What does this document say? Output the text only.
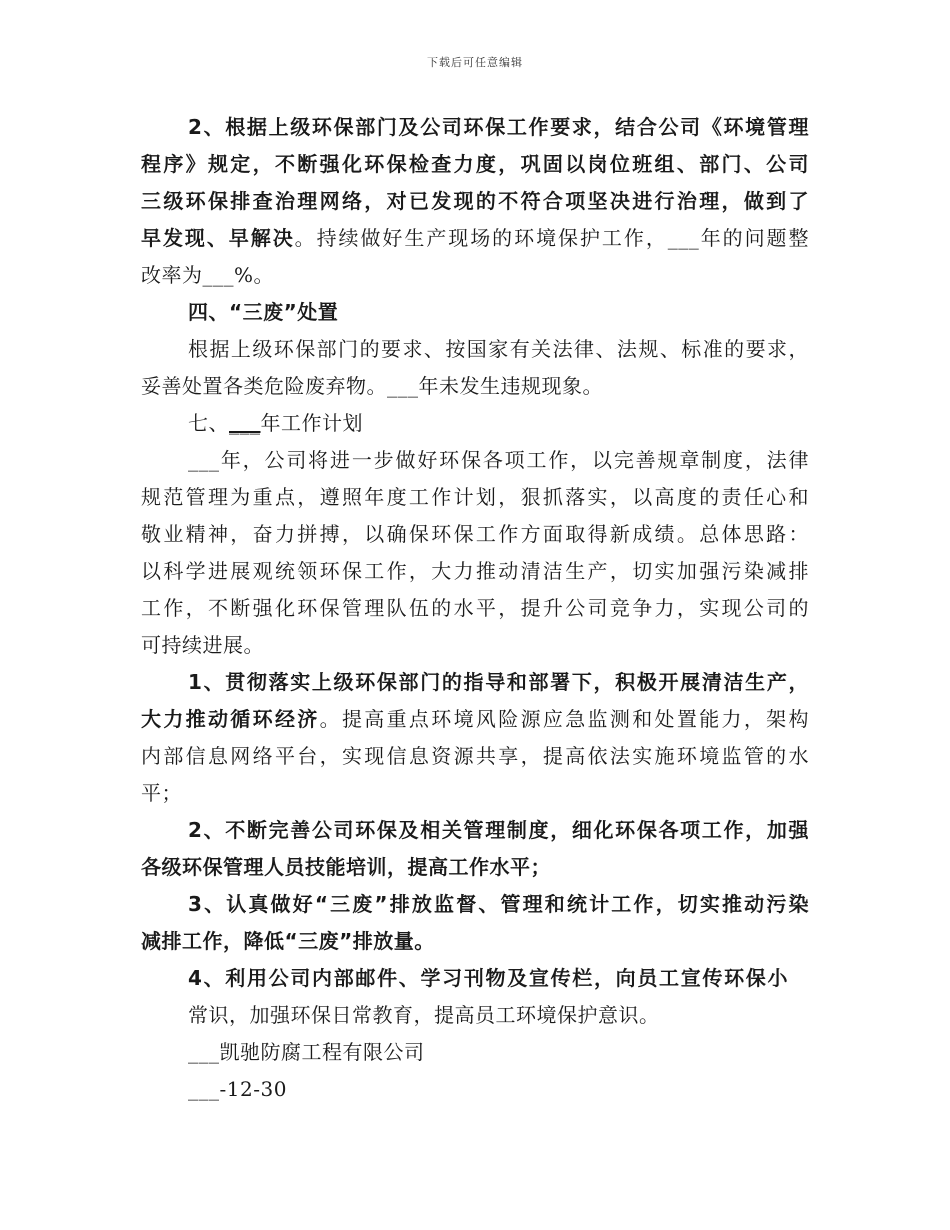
下载后可任意编辑
2、根据上级环保部门及公司环保工作要求，结合公司《环境管理
程序》规定，不断强化环保检查力度，巩固以岗位班组、部门、公司
三级环保排查治理网络，对已发现的不符合项坚决进行治理，做到了
早发现、早解决。持续做好生产现场的环境保护工作，___年的问题整
改率为___%。
四、“三废”处置
根据上级环保部门的要求、按国家有关法律、法规、标准的要求，
妥善处置各类危险废弃物。___年未发生违规现象。
七、___年工作计划
___年，公司将进一步做好环保各项工作，以完善规章制度，法律
规范管理为重点，遵照年度工作计划，狠抓落实，以高度的责任心和
敬业精神，奋力拼搏，以确保环保工作方面取得新成绩。总体思路：
以科学进展观统领环保工作，大力推动清洁生产，切实加强污染减排
工作，不断强化环保管理队伍的水平，提升公司竞争力，实现公司的
可持续进展。
1、贯彻落实上级环保部门的指导和部署下，积极开展清洁生产，
大力推动循环经济。提高重点环境风险源应急监测和处置能力，架构
内部信息网络平台，实现信息资源共享，提高依法实施环境监管的水
平；
2、不断完善公司环保及相关管理制度，细化环保各项工作，加强
各级环保管理人员技能培训，提高工作水平；
3、认真做好“三废”排放监督、管理和统计工作，切实推动污染
减排工作，降低“三废”排放量。
4、利用公司内部邮件、学习刊物及宣传栏，向员工宣传环保小
常识，加强环保日常教育，提高员工环境保护意识。
___凯驰防腐工程有限公司
___-12-30
